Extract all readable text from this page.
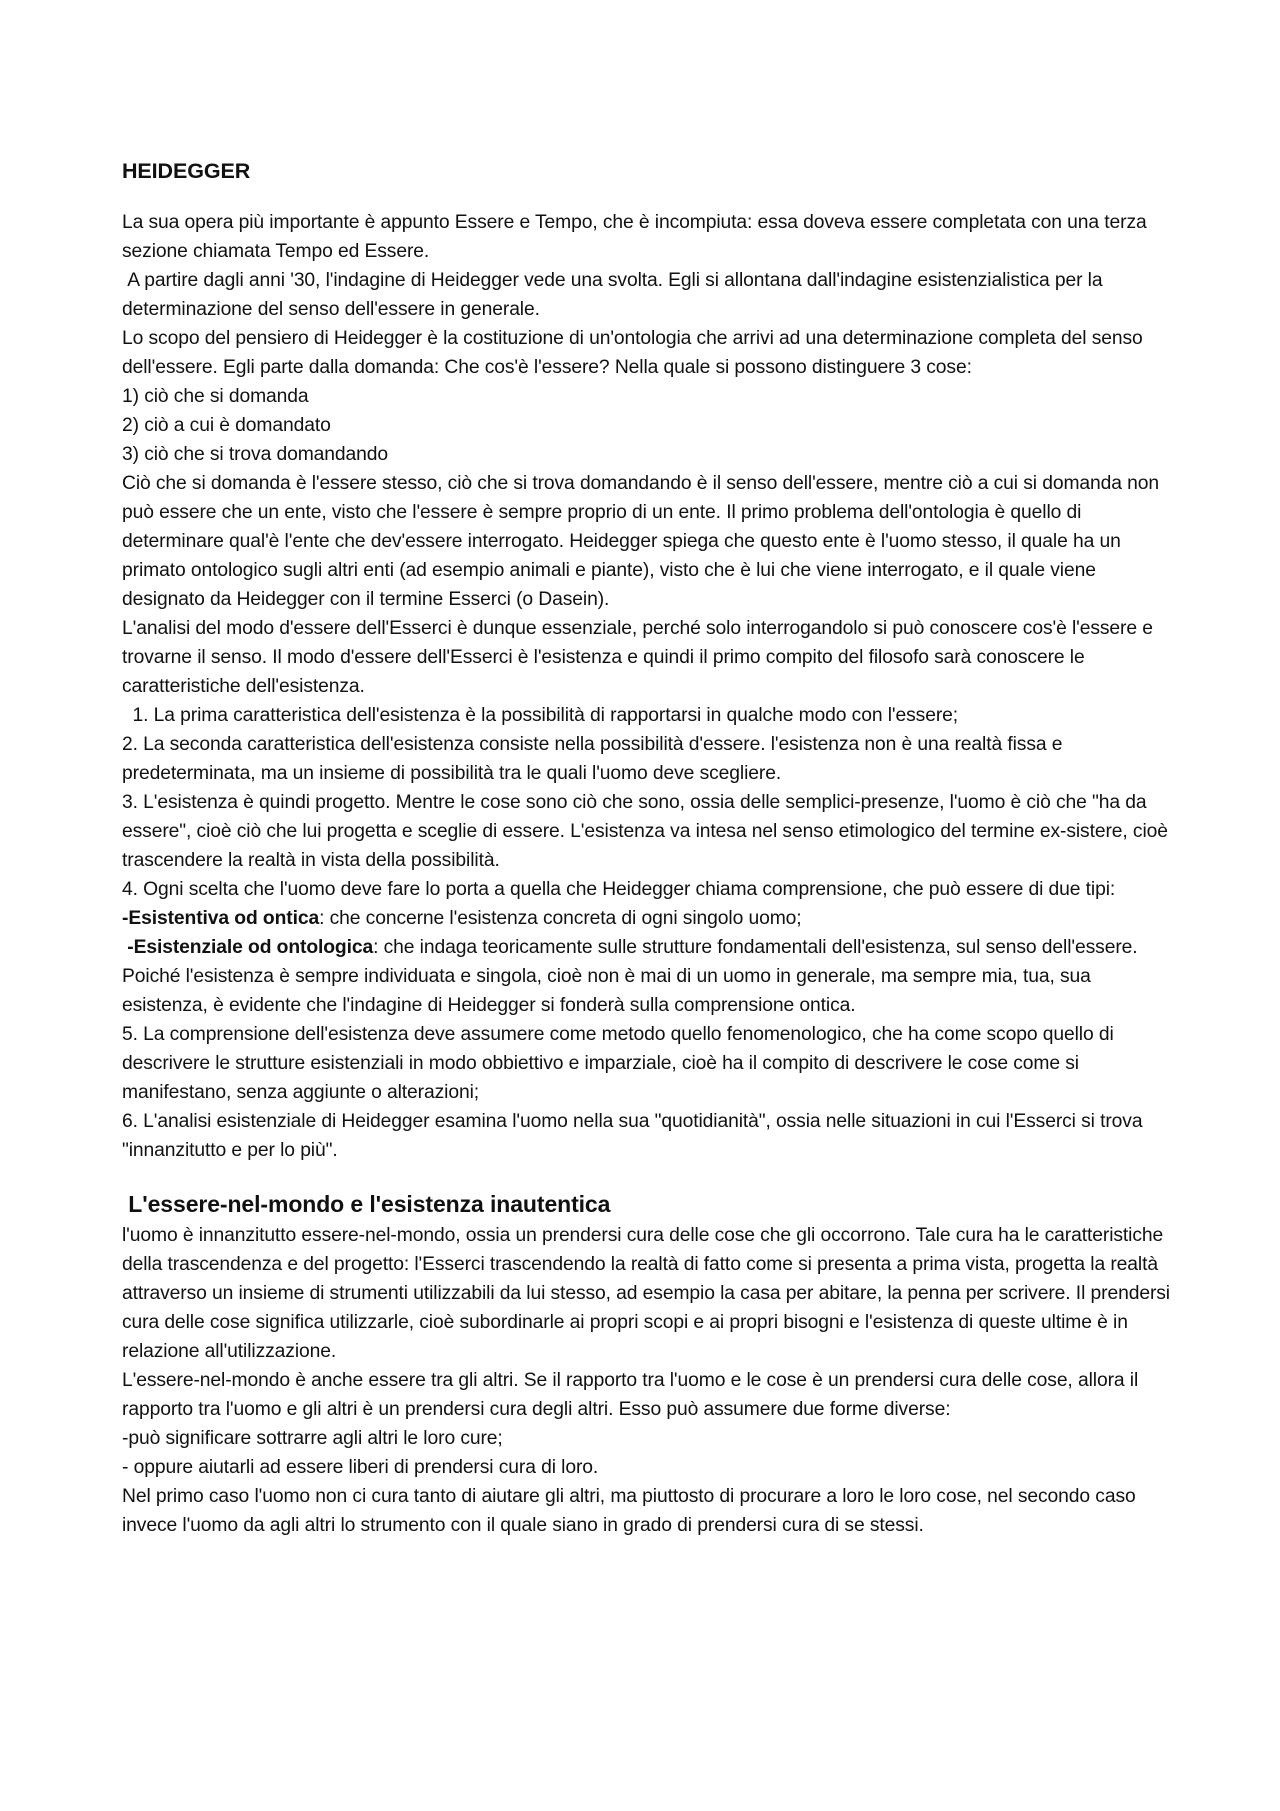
HEIDEGGER

La sua opera più importante è appunto Essere e Tempo, che è incompiuta: essa doveva essere completata con una terza sezione chiamata Tempo ed Essere.

A partire dagli anni '30, l'indagine di Heidegger vede una svolta. Egli si allontana dall'indagine esistenzialistica per la determinazione del senso dell'essere in generale.

Lo scopo del pensiero di Heidegger è la costituzione di un'ontologia che arrivi ad una determinazione completa del senso dell'essere. Egli parte dalla domanda: Che cos'è l'essere? Nella quale si possono distinguere 3 cose:

1) ciò che si domanda

2) ciò a cui è domandato

3) ciò che si trova domandando

Ciò che si domanda è l'essere stesso, ciò che si trova domandando è il senso dell'essere, mentre ciò a cui si domanda non può essere che un ente, visto che l'essere è sempre proprio di un ente. Il primo problema dell'ontologia è quello di determinare qual'è l'ente che dev'essere interrogato. Heidegger spiega che questo ente è l'uomo stesso, il quale ha un primato ontologico sugli altri enti (ad esempio animali e piante), visto che è lui che viene interrogato, e il quale viene designato da Heidegger con il termine Esserci (o Dasein).

L'analisi del modo d'essere dell'Esserci è dunque essenziale, perché solo interrogandolo si può conoscere cos'è l'essere e trovarne il senso. Il modo d'essere dell'Esserci è l'esistenza e quindi il primo compito del filosofo sarà conoscere le caratteristiche dell'esistenza.

1. La prima caratteristica dell'esistenza è la possibilità di rapportarsi in qualche modo con l'essere;

2. La seconda caratteristica dell'esistenza consiste nella possibilità d'essere. l'esistenza non è una realtà fissa e predeterminata, ma un insieme di possibilità tra le quali l'uomo deve scegliere.

3. L'esistenza è quindi progetto. Mentre le cose sono ciò che sono, ossia delle semplici-presenze, l'uomo è ciò che "ha da essere", cioè ciò che lui progetta e sceglie di essere. L'esistenza va intesa nel senso etimologico del termine ex-sistere, cioè trascendere la realtà in vista della possibilità.

4. Ogni scelta che l'uomo deve fare lo porta a quella che Heidegger chiama comprensione, che può essere di due tipi:

-Esistentiva od ontica: che concerne l'esistenza concreta di ogni singolo uomo;

-Esistenziale od ontologica: che indaga teoricamente sulle strutture fondamentali dell'esistenza, sul senso dell'essere. Poiché l'esistenza è sempre individuata e singola, cioè non è mai di un uomo in generale, ma sempre mia, tua, sua esistenza, è evidente che l'indagine di Heidegger si fonderà sulla comprensione ontica.

5. La comprensione dell'esistenza deve assumere come metodo quello fenomenologico, che ha come scopo quello di descrivere le strutture esistenziali in modo obbiettivo e imparziale, cioè ha il compito di descrivere le cose come si manifestano, senza aggiunte o alterazioni;

6. L'analisi esistenziale di Heidegger esamina l'uomo nella sua "quotidianità", ossia nelle situazioni in cui l'Esserci si trova "innanzitutto e per lo più".

L'essere-nel-mondo e l'esistenza inautentica

l'uomo è innanzitutto essere-nel-mondo, ossia un prendersi cura delle cose che gli occorrono. Tale cura ha le caratteristiche della trascendenza e del progetto: l'Esserci trascendendo la realtà di fatto come si presenta a prima vista, progetta la realtà attraverso un insieme di strumenti utilizzabili da lui stesso, ad esempio la casa per abitare, la penna per scrivere. Il prendersi cura delle cose significa utilizzarle, cioè subordinarle ai propri scopi e ai propri bisogni e l'esistenza di queste ultime è in relazione all'utilizzazione.

L'essere-nel-mondo è anche essere tra gli altri. Se il rapporto tra l'uomo e le cose è un prendersi cura delle cose, allora il rapporto tra l'uomo e gli altri è un prendersi cura degli altri. Esso può assumere due forme diverse:

-può significare sottrarre agli altri le loro cure;

- oppure aiutarli ad essere liberi di prendersi cura di loro.

Nel primo caso l'uomo non ci cura tanto di aiutare gli altri, ma piuttosto di procurare a loro le loro cose, nel secondo caso invece l'uomo da agli altri lo strumento con il quale siano in grado di prendersi cura di se stessi.
